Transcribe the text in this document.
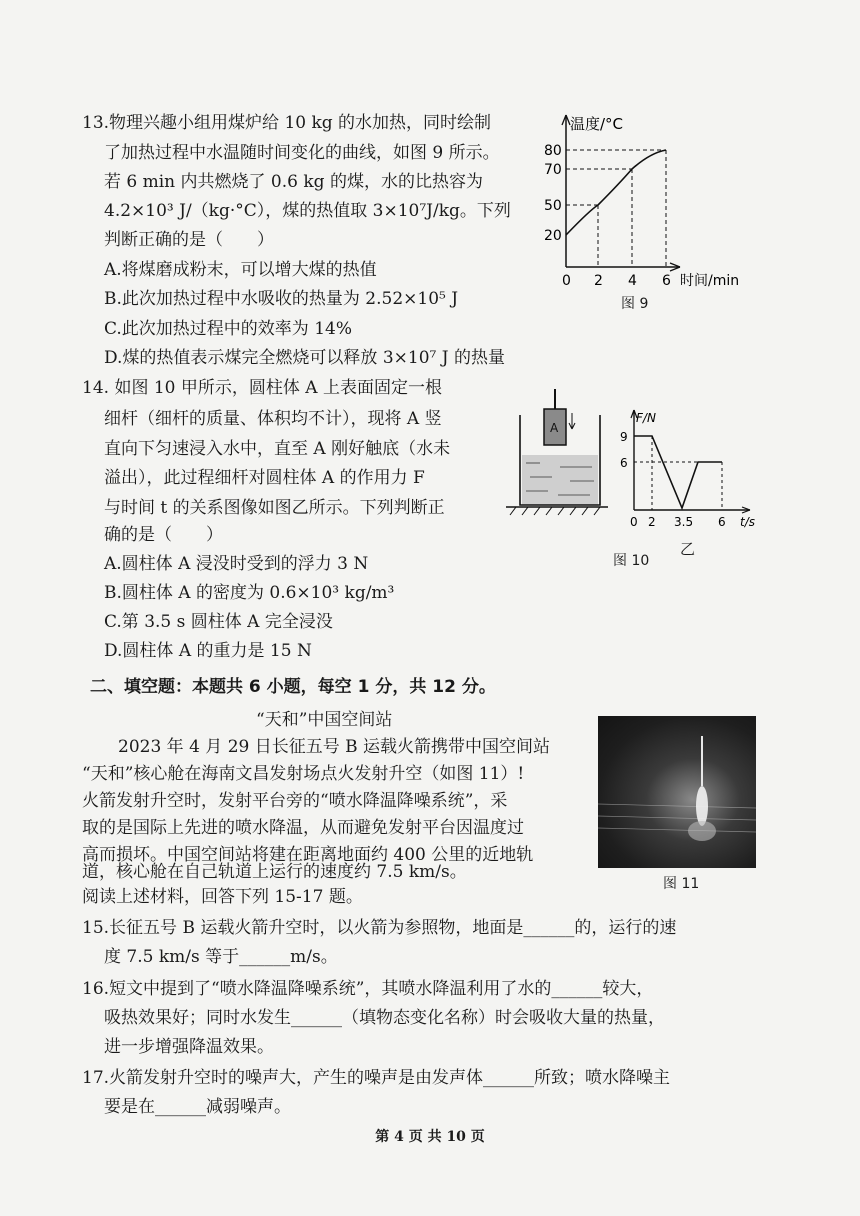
13.物理兴趣小组用煤炉给 10 kg 的水加热，同时绘制
了加热过程中水温随时间变化的曲线，如图 9 所示。
若 6 min 内共燃烧了 0.6 kg 的煤，水的比热容为
4.2×10³ J/（kg·°C），煤的热值取 3×10⁷J/kg。下列
判断正确的是（　　）
A.将煤磨成粉末，可以增大煤的热值
B.此次加热过程中水吸收的热量为 2.52×10⁵ J
C.此次加热过程中的效率为 14%
D.煤的热值表示煤完全燃烧可以释放 3×10⁷ J 的热量
温度/°C
80
70
50
20
0 2 4 6 时间/min
图 9
14. 如图 10 甲所示，圆柱体 A 上表面固定一根
细杆（细杆的质量、体积均不计），现将 A 竖
直向下匀速浸入水中，直至 A 刚好触底（水未
溢出），此过程细杆对圆柱体 A 的作用力 F
与时间 t 的关系图像如图乙所示。下列判断正
确的是（　　）
A.圆柱体 A 浸没时受到的浮力 3 N
B.圆柱体 A 的密度为 0.6×10³ kg/m³
C.第 3.5 s 圆柱体 A 完全浸没
D.圆柱体 A 的重力是 15 N
A
F/N
9
6
0 2 3.5 6 t/s
图 10
乙
二、填空题：本题共 6 小题，每空 1 分，共 12 分。
“天和”中国空间站
2023 年 4 月 29 日长征五号 B 运载火箭携带中国空间站
“天和”核心舱在海南文昌发射场点火发射升空（如图 11）!
火箭发射升空时，发射平台旁的“喷水降温降噪系统”，采
取的是国际上先进的喷水降温，从而避免发射平台因温度过
高而损坏。中国空间站将建在距离地面约 400 公里的近地轨
道，核心舱在自己轨道上运行的速度约 7.5 km/s。
阅读上述材料，回答下列 15-17 题。
图 11
15.长征五号 B 运载火箭升空时，以火箭为参照物，地面是______的，运行的速
度 7.5 km/s 等于______m/s。
16.短文中提到了“喷水降温降噪系统”，其喷水降温利用了水的______较大，
吸热效果好；同时水发生______（填物态变化名称）时会吸收大量的热量，
进一步增强降温效果。
17.火箭发射升空时的噪声大，产生的噪声是由发声体______所致；喷水降噪主
要是在______减弱噪声。
第 4 页 共 10 页
